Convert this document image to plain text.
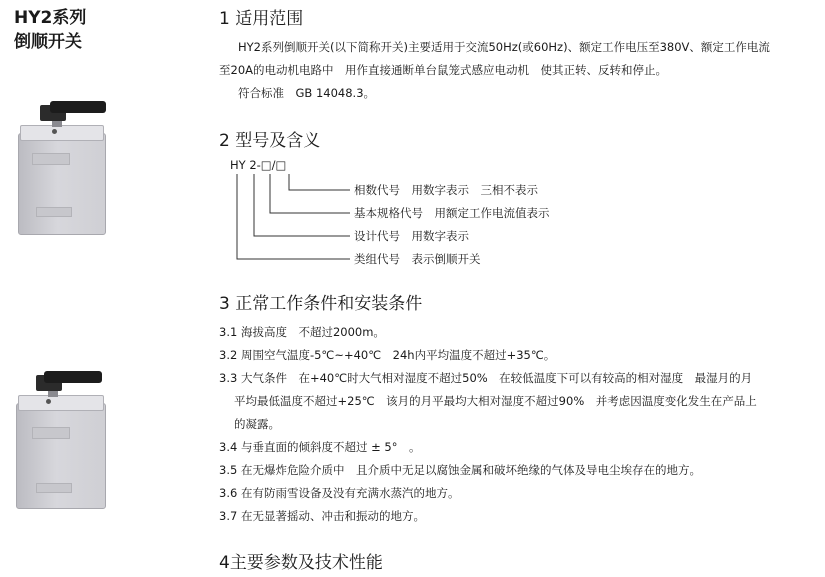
HY2系列
倒顺开关
1 适用范围
HY2系列倒顺开关(以下简称开关)主要适用于交流50Hz(或60Hz)、额定工作电压至380V、额定工作电流
至20A的电动机电路中　用作直接通断单台鼠笼式感应电动机　使其正转、反转和停止。
符合标准　GB 14048.3。
2 型号及含义
HY 2-□/□
相数代号　用数字表示　三相不表示
基本规格代号　用额定工作电流值表示
设计代号　用数字表示
类组代号　表示倒顺开关
3 正常工作条件和安装条件
3.1 海拔高度　不超过2000m。
3.2 周围空气温度-5℃~+40℃　24h内平均温度不超过+35℃。
3.3 大气条件　在+40℃时大气相对湿度不超过50%　在较低温度下可以有较高的相对湿度　最湿月的月
平均最低温度不超过+25℃　该月的月平最均大相对湿度不超过90%　并考虑因温度变化发生在产品上
的凝露。
3.4 与垂直面的倾斜度不超过 ± 5°　。
3.5 在无爆炸危险介质中　且介质中无足以腐蚀金属和破坏绝缘的气体及导电尘埃存在的地方。
3.6 在有防雨雪设备及没有充满水蒸汽的地方。
3.7 在无显著摇动、冲击和振动的地方。
4主要参数及技术性能
